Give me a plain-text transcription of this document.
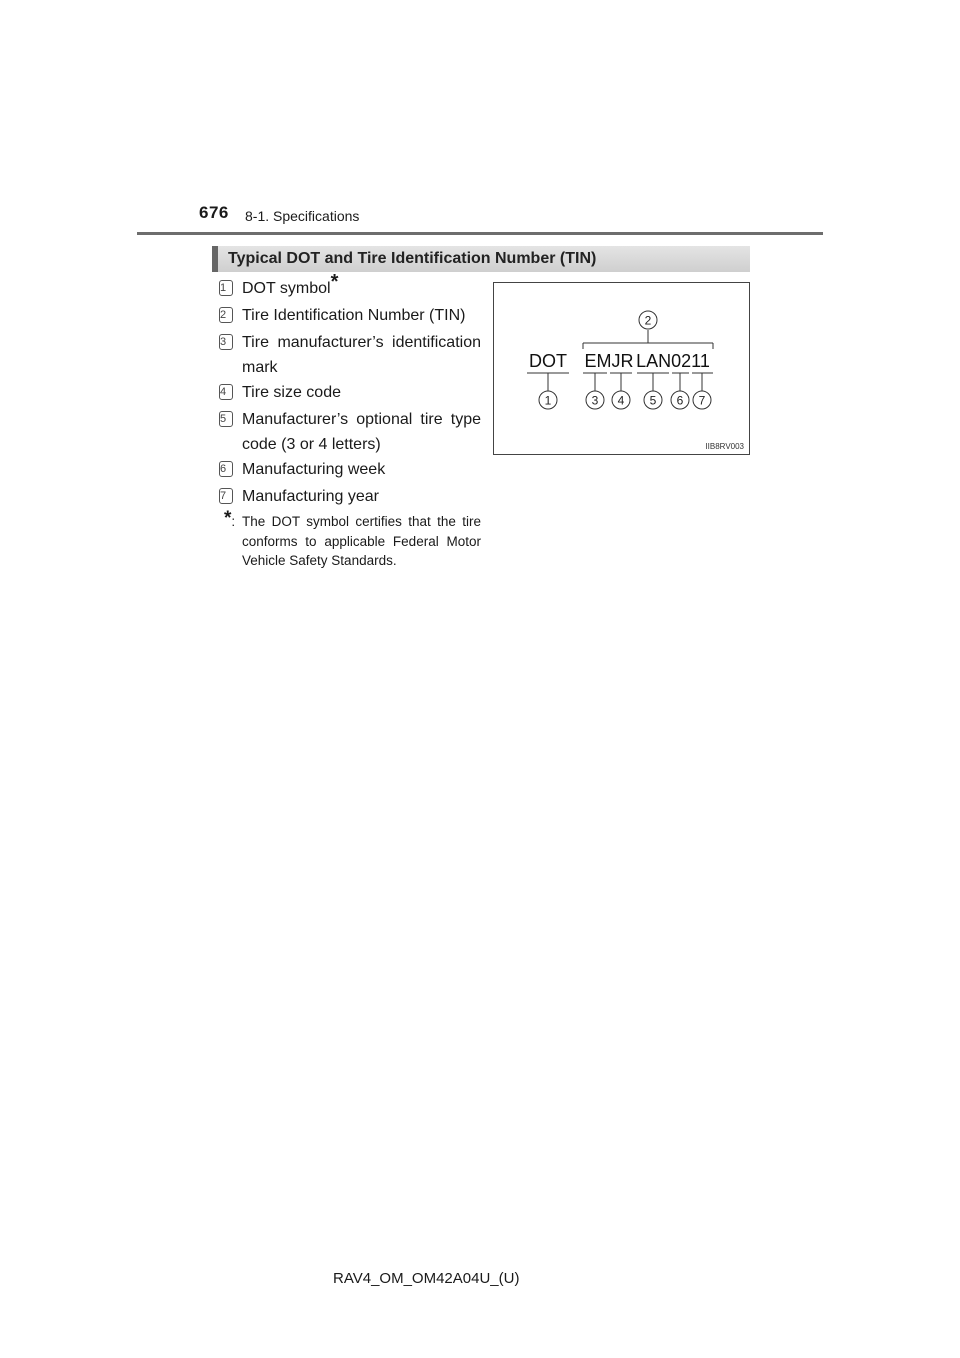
676 8-1. Specifications
Typical DOT and Tire Identification Number (TIN)
1 DOT symbol*
2 Tire Identification Number (TIN)
3 Tire manufacturer’s identification mark
4 Tire size code
5 Manufacturer’s optional tire type code (3 or 4 letters)
6 Manufacturing week
7 Manufacturing year
*: The DOT symbol certifies that the tire conforms to applicable Federal Motor Vehicle Safety Standards.
2
DOT EMJR LAN0211
1	3 4 5 6 7
IIB8RV003
RAV4_OM_OM42A04U_(U)
